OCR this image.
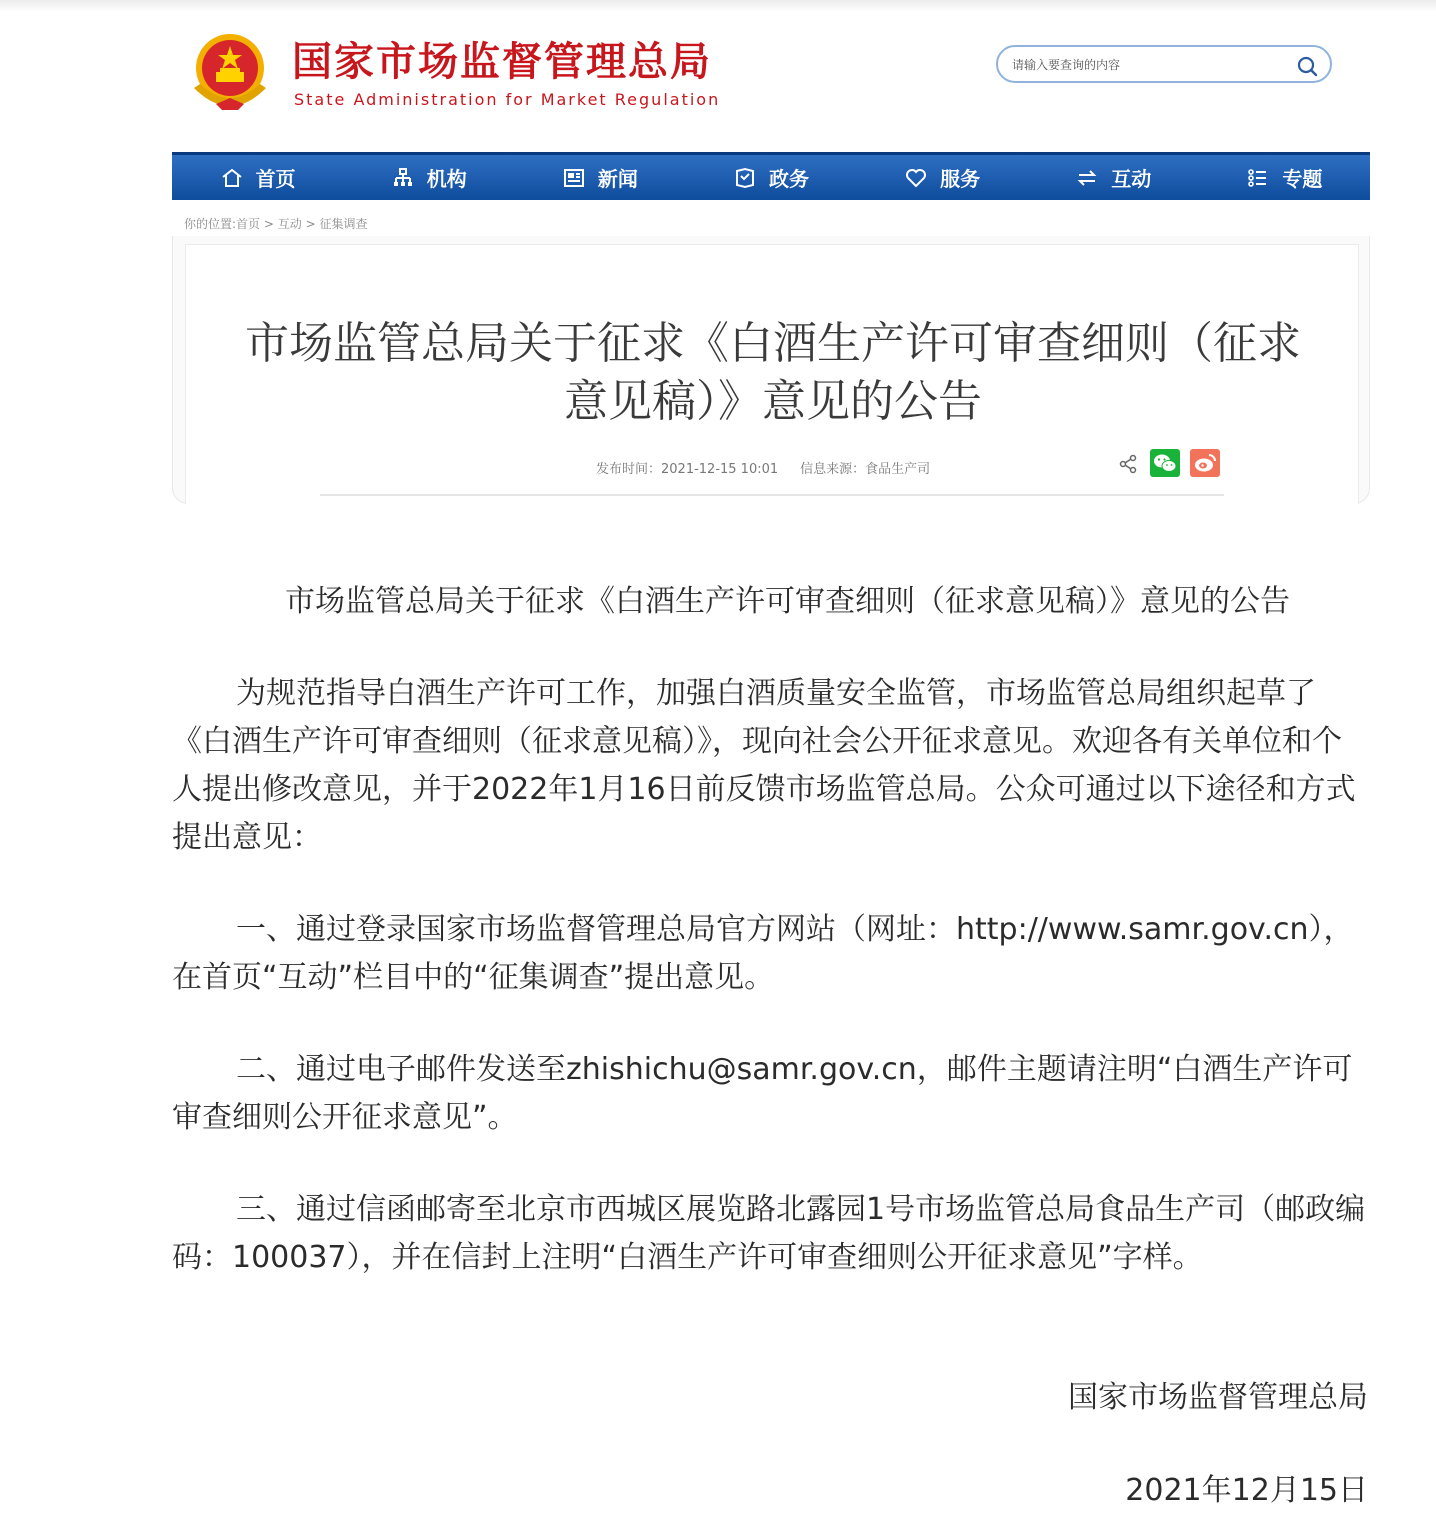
国家市场监督管理总局
State Administration for Market Regulation
请输入要查询的内容
首页	机构	新闻	政务	服务	互动	专题
你的位置:首页 > 互动 > 征集调查
市场监管总局关于征求《白酒生产许可审查细则（征求意见稿）》意见的公告
发布时间：2021-12-15 10:01 信息来源：食品生产司
市场监管总局关于征求《白酒生产许可审查细则（征求意见稿）》意见的公告
为规范指导白酒生产许可工作，加强白酒质量安全监管，市场监管总局组织起草了《白酒生产许可审查细则（征求意见稿）》，现向社会公开征求意见。欢迎各有关单位和个人提出修改意见，并于2022年1月16日前反馈市场监管总局。公众可通过以下途径和方式提出意见：
一、通过登录国家市场监督管理总局官方网站（网址：http://www.samr.gov.cn），在首页“互动”栏目中的“征集调查”提出意见。
二、通过电子邮件发送至zhishichu@samr.gov.cn，邮件主题请注明“白酒生产许可审查细则公开征求意见”。
三、通过信函邮寄至北京市西城区展览路北露园1号市场监管总局食品生产司（邮政编码：100037），并在信封上注明“白酒生产许可审查细则公开征求意见”字样。
国家市场监督管理总局
2021年12月15日
